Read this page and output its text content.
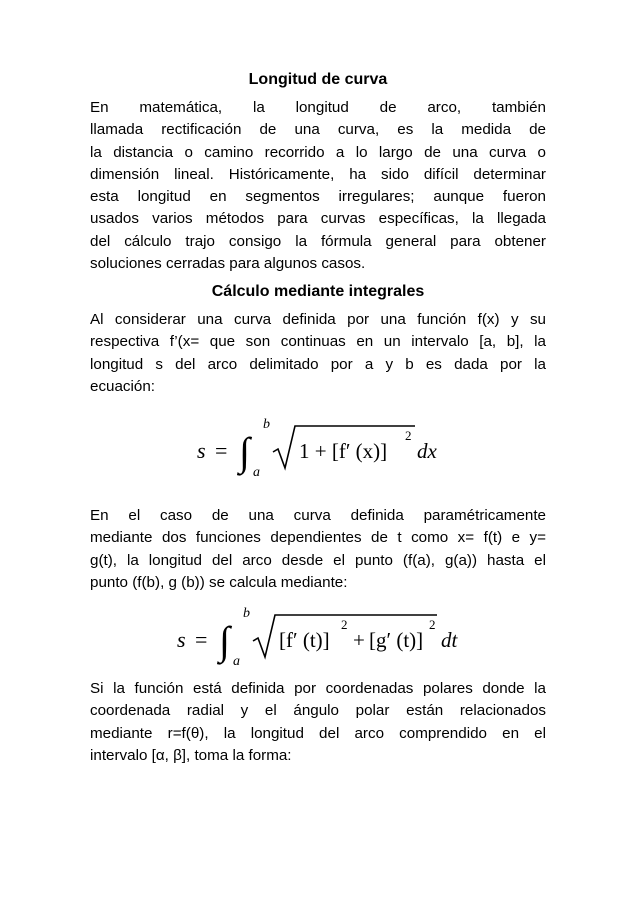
Longitud de curva
En matemática, la longitud de arco, también
llamada rectificación de una curva, es la medida de
la distancia o camino recorrido a lo largo de una curva o
dimensión lineal. Históricamente, ha sido difícil determinar
esta longitud en segmentos irregulares; aunque fueron
usados varios métodos para curvas específicas, la llegada
del cálculo trajo consigo la fórmula general para obtener
soluciones cerradas para algunos casos.
Cálculo mediante integrales
Al considerar una curva definida por una función f(x) y su
respectiva f’(x= que son continuas en un intervalo [a, b], la
longitud s del arco delimitado por a y b es dada por la
ecuación:
s = ∫
b
a
1 + [f′ (x)]
2
dx
En el caso de una curva definida paramétricamente
mediante dos funciones dependientes de t como x= f(t) e y=
g(t), la longitud del arco desde el punto (f(a), g(a)) hasta el
punto (f(b), g (b)) se calcula mediante:
s = ∫
b
a
[f′ (t)]
2
+ [g′ (t)]
2
dt
Si la función está definida por coordenadas polares donde la
coordenada radial y el ángulo polar están relacionados
mediante r=f(θ), la longitud del arco comprendido en el
intervalo [α, β], toma la forma:
